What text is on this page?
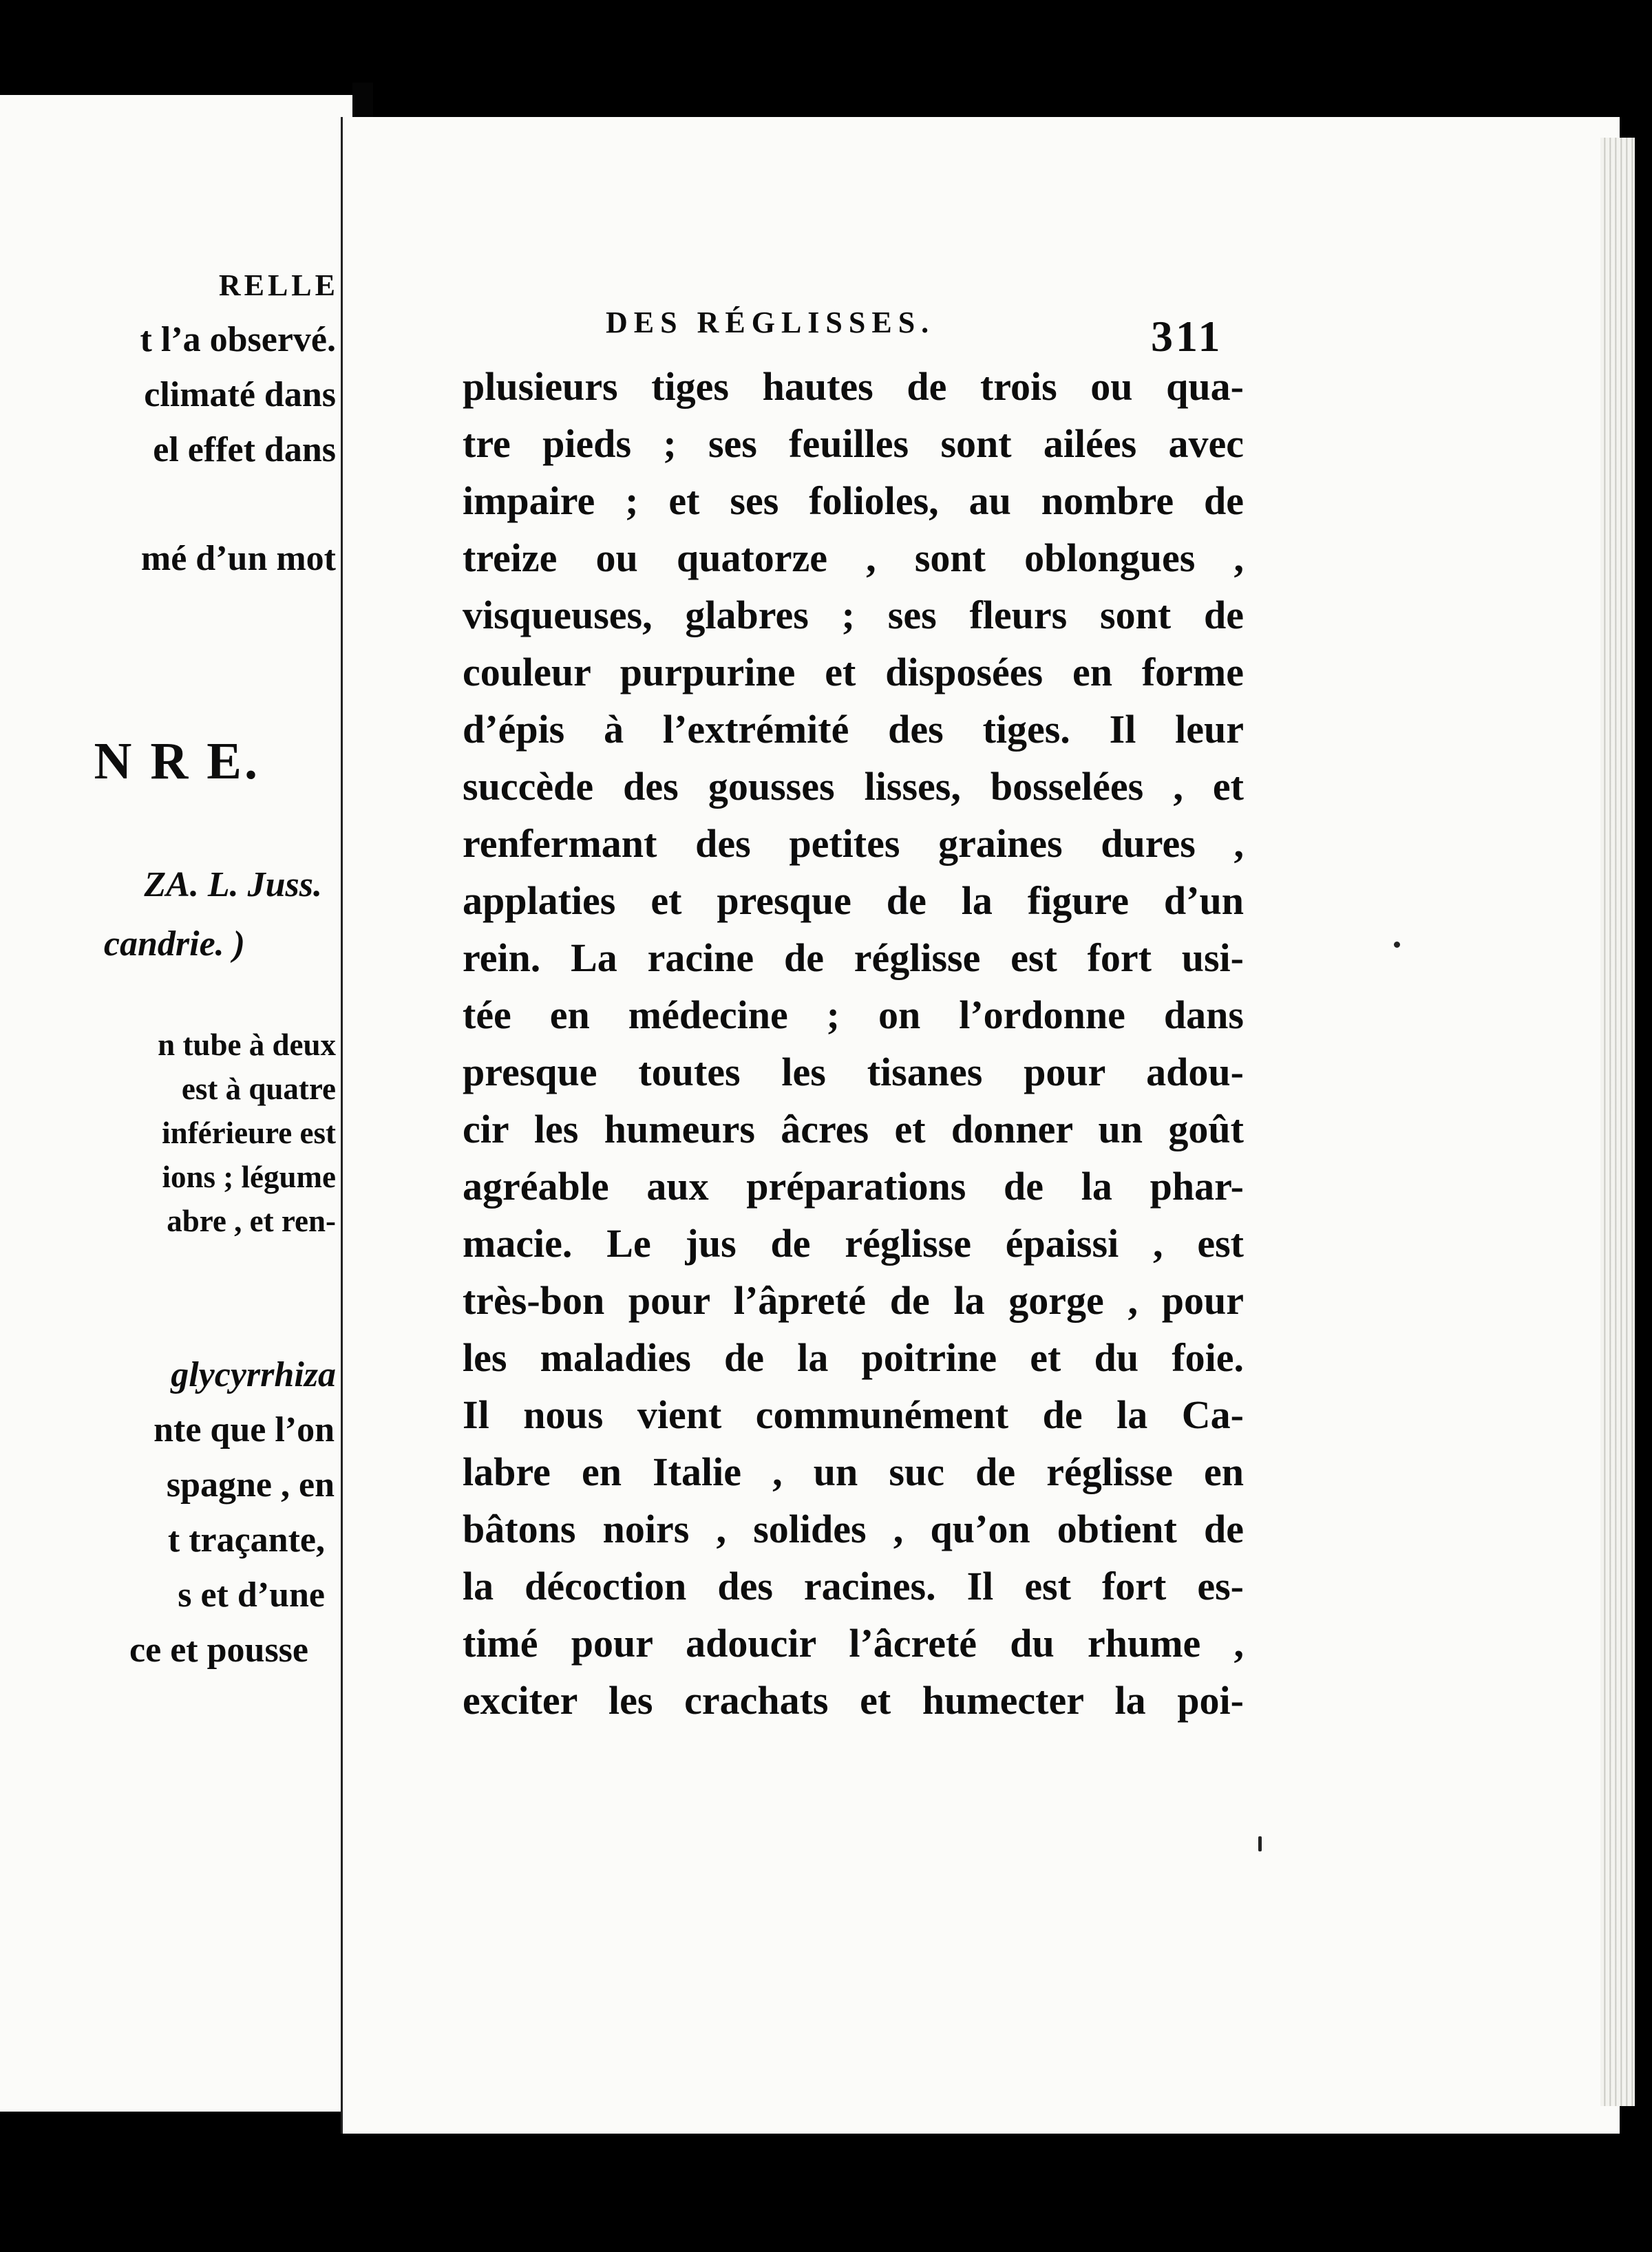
RELLE
t l’a observé.
climaté dans
el effet dans
mé d’un mot
N R E.
ZA. L. Juss.
candrie. )
n tube à deux
est à quatre
inférieure est
ions ; légume
abre , et ren-
glycyrrhiza
nte que l’on
spagne , en
t traçante,
s et d’une
ce et pousse
DES RÉGLISSES.	311
plusieurs tiges hautes de trois ou qua-
tre pieds ; ses feuilles sont ailées avec
impaire ; et ses folioles, au nombre de
treize ou quatorze , sont oblongues ,
visqueuses, glabres ; ses fleurs sont de
couleur purpurine et disposées en forme
d’épis à l’extrémité des tiges. Il leur
succède des gousses lisses, bosselées , et
renfermant des petites graines dures ,
applaties et presque de la figure d’un
rein. La racine de réglisse est fort usi-
tée en médecine ; on l’ordonne dans
presque toutes les tisanes pour adou-
cir les humeurs âcres et donner un goût
agréable aux préparations de la phar-
macie. Le jus de réglisse épaissi , est
très-bon pour l’âpreté de la gorge , pour
les maladies de la poitrine et du foie.
Il nous vient communément de la Ca-
labre en Italie , un suc de réglisse en
bâtons noirs , solides , qu’on obtient de
la décoction des racines. Il est fort es-
timé pour adoucir l’âcreté du rhume ,
exciter les crachats et humecter la poi-
